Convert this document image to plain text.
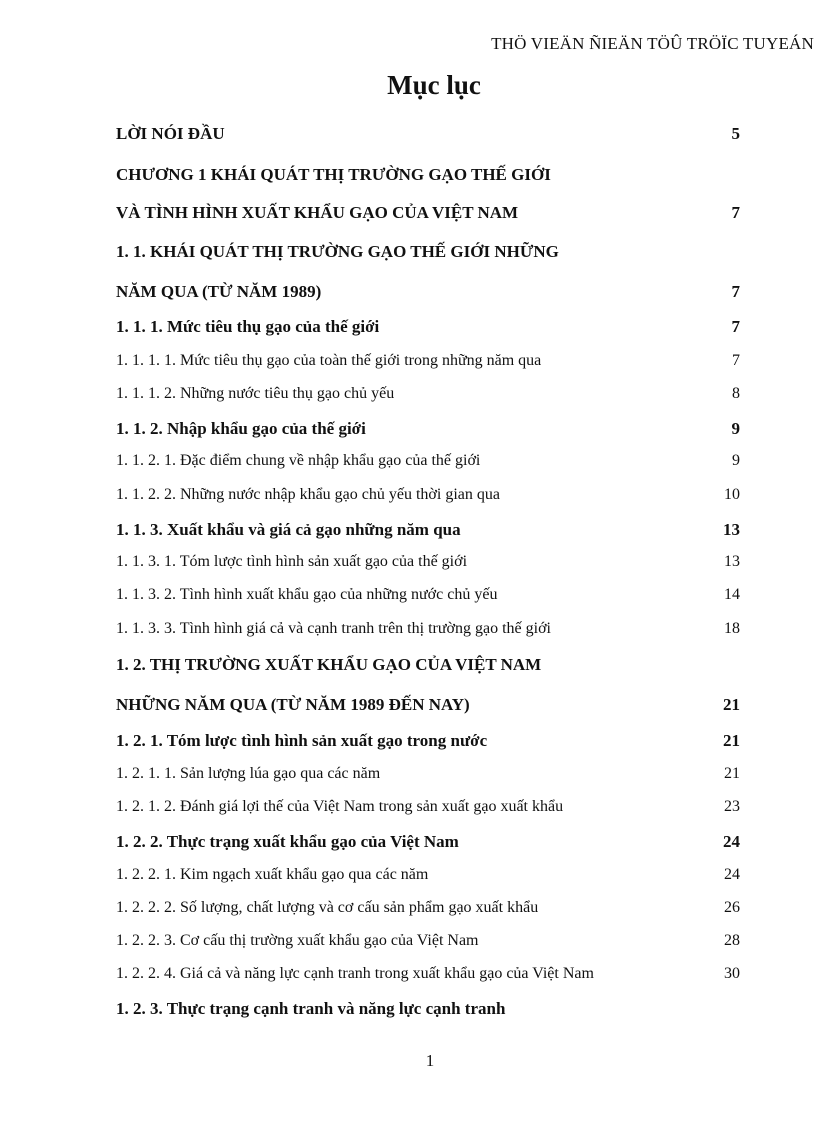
THÖ VIEÄN ÑIEÄN TÖÛ TRÖÏC TUYEÁN
Mục lục
LỜI NÓI ĐẦU	5
CHƯƠNG 1 KHÁI QUÁT THỊ TRƯỜNG GẠO THẾ GIỚI
VÀ TÌNH HÌNH XUẤT KHẨU GẠO CỦA VIỆT NAM	7
1. 1. KHÁI QUÁT THỊ TRƯỜNG GẠO THẾ GIỚI NHỮNG
NĂM QUA (TỪ NĂM 1989)	7
1. 1. 1. Mức tiêu thụ gạo của thế giới	7
1. 1. 1. 1. Mức tiêu thụ gạo của toàn thế giới trong những năm qua	7
1. 1. 1. 2. Những nước tiêu thụ gạo chủ yếu	8
1. 1. 2. Nhập khẩu gạo của thế giới	9
1. 1. 2. 1. Đặc điểm chung về nhập khẩu gạo của thế giới	9
1. 1. 2. 2. Những nước nhập khẩu gạo chủ yếu thời gian qua	10
1. 1. 3. Xuất khẩu và giá cả gạo những năm qua	13
1. 1. 3. 1. Tóm lược tình hình sản xuất gạo của thế giới	13
1. 1. 3. 2. Tình hình xuất khẩu gạo của những nước chủ yếu	14
1. 1. 3. 3. Tình hình giá cả và cạnh tranh trên thị trường gạo thế giới	18
1. 2. THỊ TRƯỜNG XUẤT KHẨU GẠO CỦA VIỆT NAM
NHỮNG NĂM QUA (TỪ NĂM 1989 ĐẾN NAY)	21
1. 2. 1. Tóm lược tình hình sản xuất gạo trong nước	21
1. 2. 1. 1. Sản lượng lúa gạo qua các năm	21
1. 2. 1. 2. Đánh giá lợi thế của Việt Nam trong sản xuất gạo xuất khẩu	23
1. 2. 2. Thực trạng xuất khẩu gạo của Việt Nam	24
1. 2. 2. 1. Kim ngạch xuất khẩu gạo qua các năm	24
1. 2. 2. 2. Số lượng, chất lượng và cơ cấu sản phẩm gạo xuất khẩu	26
1. 2. 2. 3. Cơ cấu thị trường xuất khẩu gạo của Việt Nam	28
1. 2. 2. 4. Giá cả và năng lực cạnh tranh trong xuất khẩu gạo của Việt Nam	30
1. 2. 3. Thực trạng cạnh tranh và năng lực cạnh tranh
1
